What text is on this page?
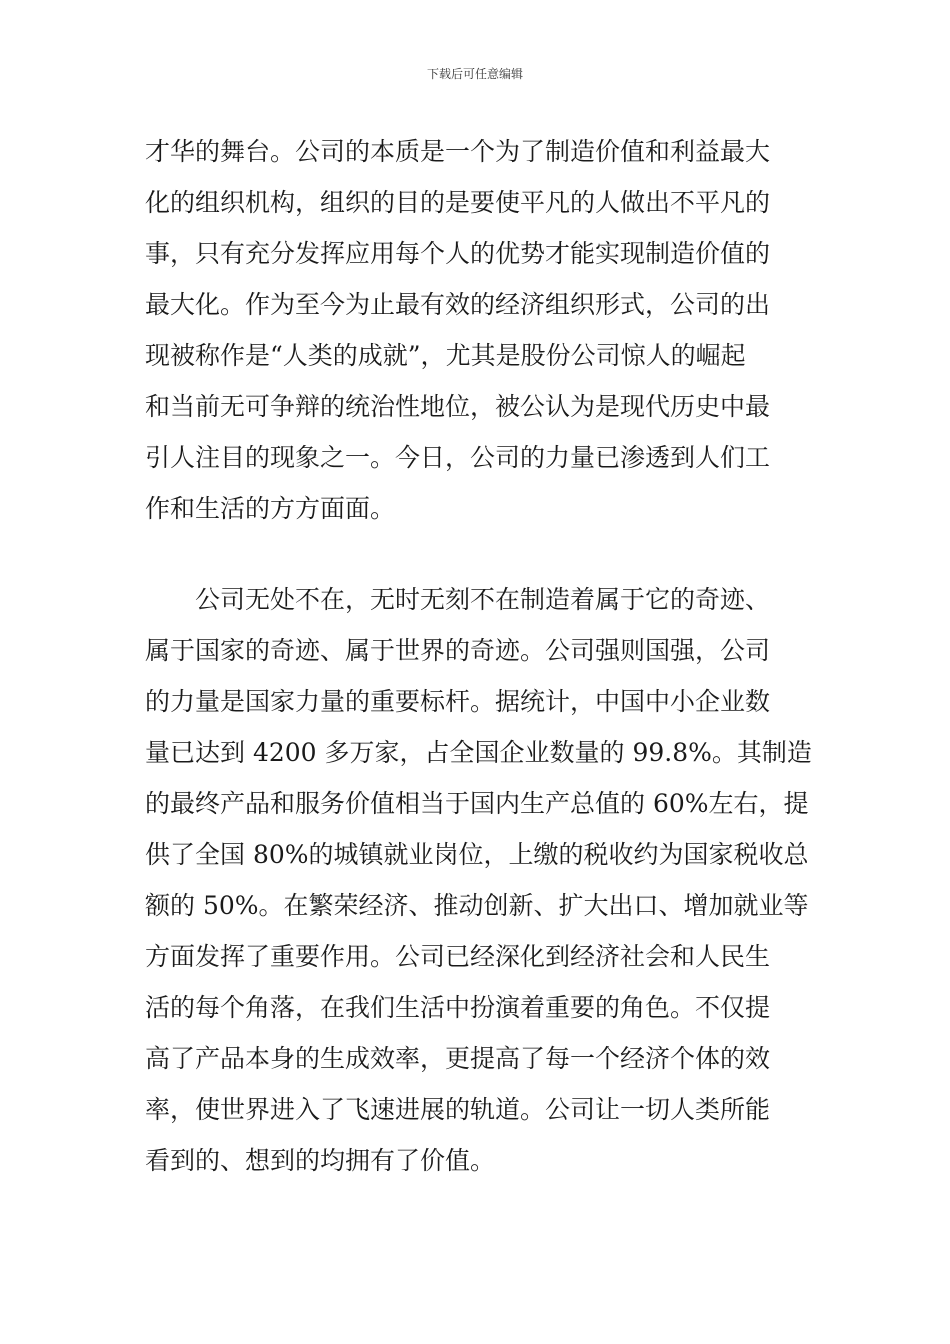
下载后可任意编辑
才华的舞台。公司的本质是一个为了制造价值和利益最大
化的组织机构，组织的目的是要使平凡的人做出不平凡的
事，只有充分发挥应用每个人的优势才能实现制造价值的
最大化。作为至今为止最有效的经济组织形式，公司的出
现被称作是“人类的成就”，尤其是股份公司惊人的崛起
和当前无可争辩的统治性地位，被公认为是现代历史中最
引人注目的现象之一。今日，公司的力量已渗透到人们工
作和生活的方方面面。
公司无处不在，无时无刻不在制造着属于它的奇迹、
属于国家的奇迹、属于世界的奇迹。公司强则国强，公司
的力量是国家力量的重要标杆。据统计，中国中小企业数
量已达到 4200 多万家，占全国企业数量的 99.8%。其制造
的最终产品和服务价值相当于国内生产总值的 60%左右，提
供了全国 80%的城镇就业岗位，上缴的税收约为国家税收总
额的 50%。在繁荣经济、推动创新、扩大出口、增加就业等
方面发挥了重要作用。公司已经深化到经济社会和人民生
活的每个角落，在我们生活中扮演着重要的角色。不仅提
高了产品本身的生成效率，更提高了每一个经济个体的效
率，使世界进入了飞速进展的轨道。公司让一切人类所能
看到的、想到的均拥有了价值。
